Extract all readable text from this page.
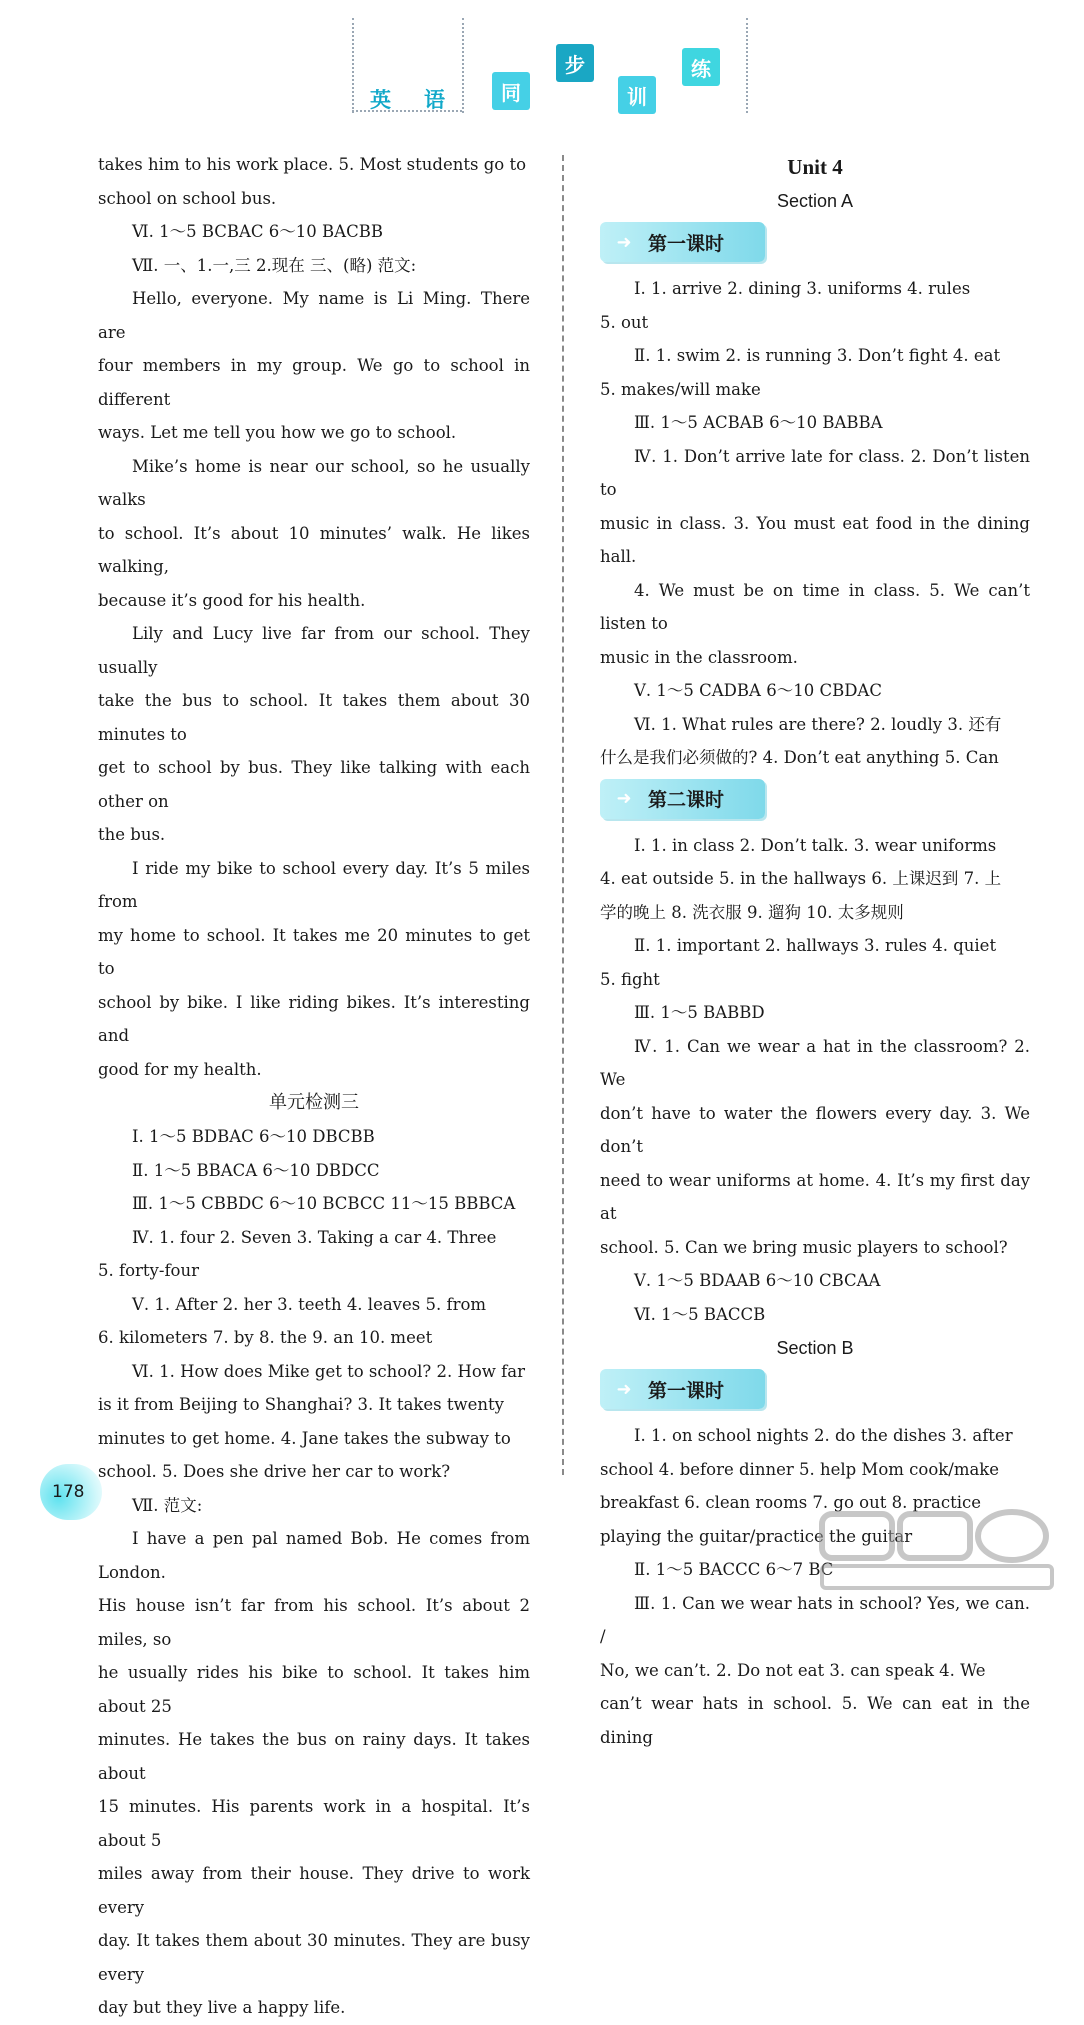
英 语	同
步
训
练

takes him to his work place. 5. Most students go to

school on school bus.

Ⅵ. 1～5 BCBAC 6～10 BACBB

Ⅶ. 一、1.一,三 2.现在 三、(略) 范文:

Hello, everyone. My name is Li Ming. There are

four members in my group. We go to school in different

ways. Let me tell you how we go to school.

Mike’s home is near our school, so he usually walks

to school. It’s about 10 minutes’ walk. He likes walking,

because it’s good for his health.

Lily and Lucy live far from our school. They usually

take the bus to school. It takes them about 30 minutes to

get to school by bus. They like talking with each other on

the bus.

I ride my bike to school every day. It’s 5 miles from

my home to school. It takes me 20 minutes to get to

school by bike. I like riding bikes. It’s interesting and

good for my health.

单元检测三

Ⅰ. 1～5 BDBAC 6～10 DBCBB

Ⅱ. 1～5 BBACA 6～10 DBDCC

Ⅲ. 1～5 CBBDC 6～10 BCBCC 11～15 BBBCA

Ⅳ. 1. four 2. Seven 3. Taking a car 4. Three

5. forty-four

Ⅴ. 1. After 2. her 3. teeth 4. leaves 5. from

6. kilometers 7. by 8. the 9. an 10. meet

Ⅵ. 1. How does Mike get to school? 2. How far

is it from Beijing to Shanghai? 3. It takes twenty

minutes to get home. 4. Jane takes the subway to

school. 5. Does she drive her car to work?

Ⅶ. 范文:

I have a pen pal named Bob. He comes from London.

His house isn’t far from his school. It’s about 2 miles, so

he usually rides his bike to school. It takes him about 25

minutes. He takes the bus on rainy days. It takes about

15 minutes. His parents work in a hospital. It’s about 5

miles away from their house. They drive to work every

day. It takes them about 30 minutes. They are busy every

day but they live a happy life.

Unit 4
Section A
➜ 第一课时

Ⅰ. 1. arrive 2. dining 3. uniforms 4. rules

5. out

Ⅱ. 1. swim 2. is running 3. Don’t fight 4. eat

5. makes/will make

Ⅲ. 1～5 ACBAB 6～10 BABBA

Ⅳ. 1. Don’t arrive late for class. 2. Don’t listen to

music in class. 3. You must eat food in the dining hall.

4. We must be on time in class. 5. We can’t listen to

music in the classroom.

Ⅴ. 1～5 CADBA 6～10 CBDAC

Ⅵ. 1. What rules are there? 2. loudly 3. 还有

什么是我们必须做的? 4. Don’t eat anything 5. Can

➜ 第二课时

Ⅰ. 1. in class 2. Don’t talk. 3. wear uniforms

4. eat outside 5. in the hallways 6. 上课迟到 7. 上

学的晚上 8. 洗衣服 9. 遛狗 10. 太多规则

Ⅱ. 1. important 2. hallways 3. rules 4. quiet

5. fight

Ⅲ. 1～5 BABBD

Ⅳ. 1. Can we wear a hat in the classroom? 2. We

don’t have to water the flowers every day. 3. We don’t

need to wear uniforms at home. 4. It’s my first day at

school. 5. Can we bring music players to school?

Ⅴ. 1～5 BDAAB 6～10 CBCAA

Ⅵ. 1～5 BACCB

Section B
➜ 第一课时

Ⅰ. 1. on school nights 2. do the dishes 3. after

school 4. before dinner 5. help Mom cook/make

breakfast 6. clean rooms 7. go out 8. practice

playing the guitar/practice the guitar

Ⅱ. 1～5 BACCC 6～7 BC

Ⅲ. 1. Can we wear hats in school? Yes, we can. /

No, we can’t. 2. Do not eat 3. can speak 4. We

can’t wear hats in school. 5. We can eat in the dining

178
